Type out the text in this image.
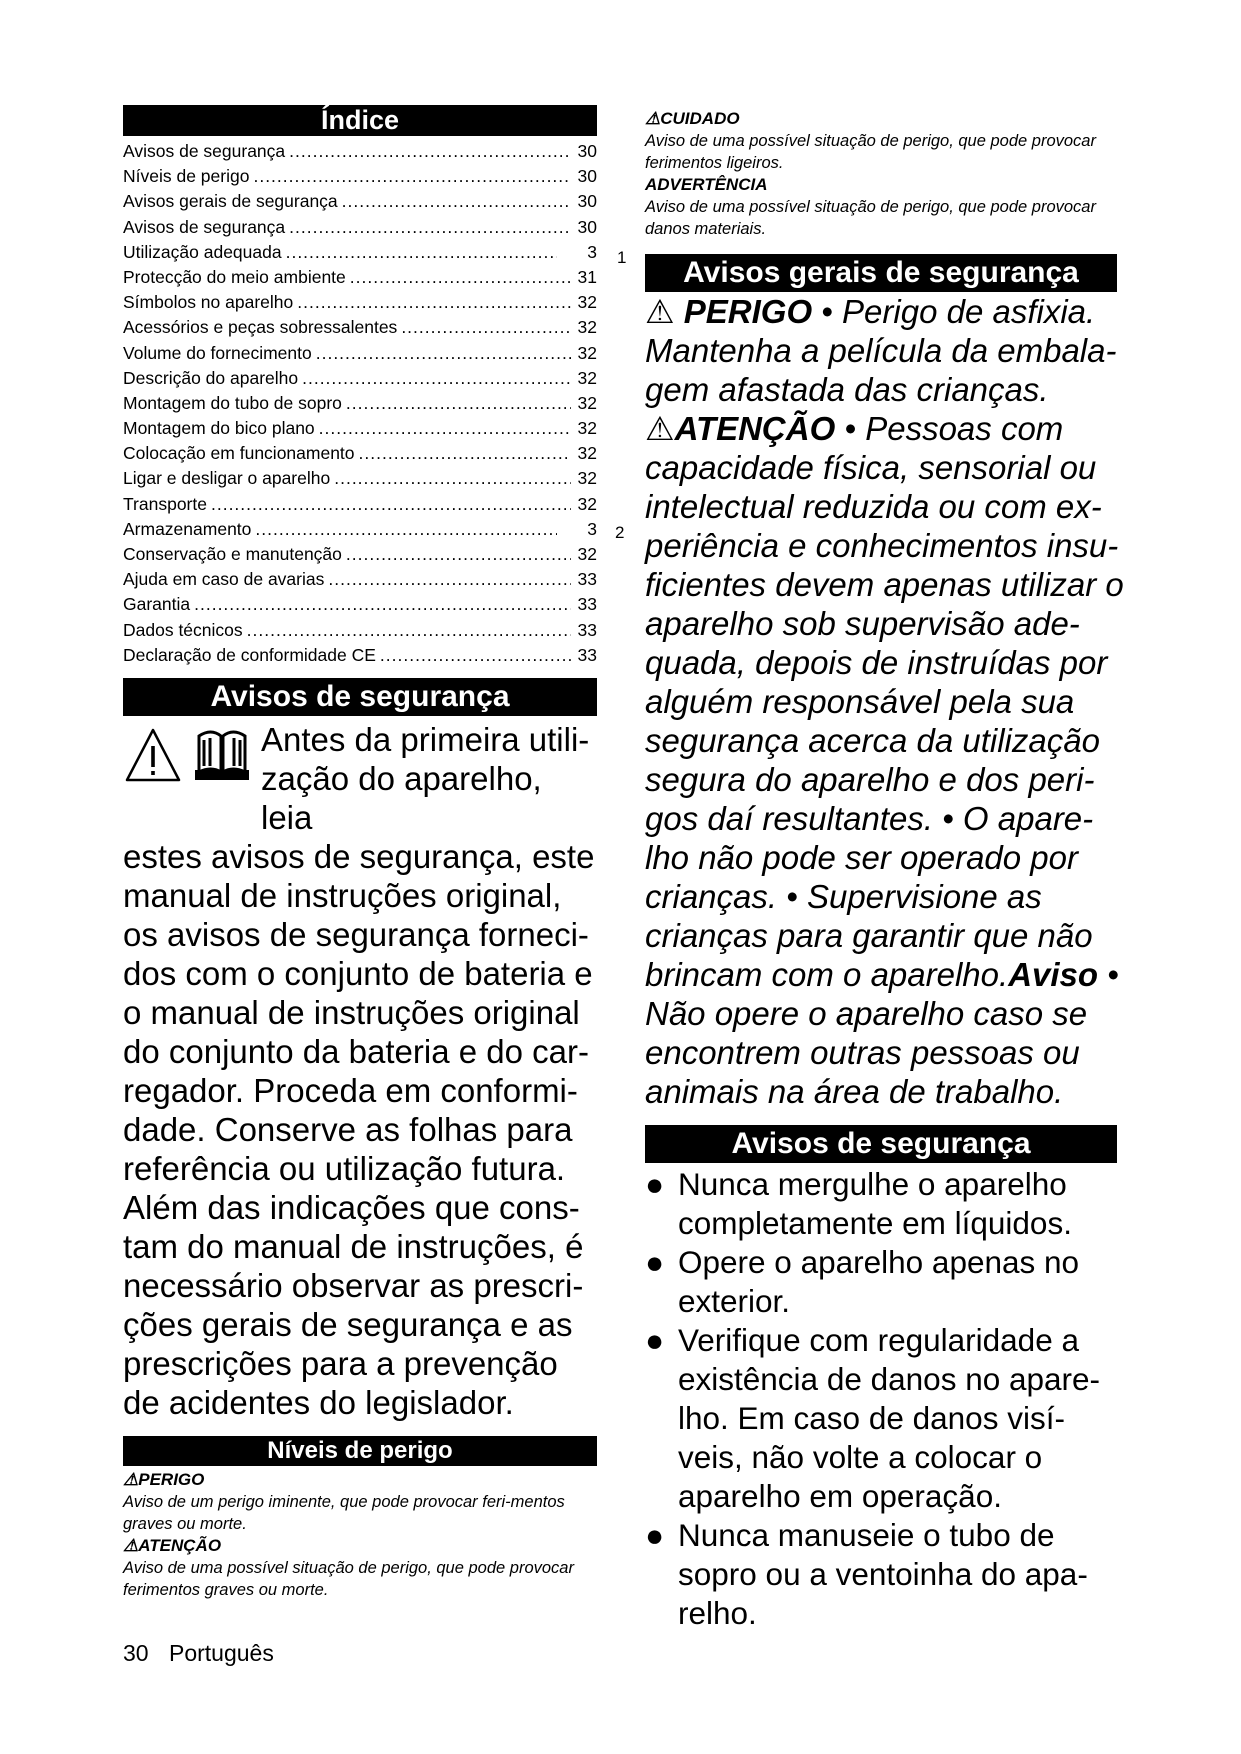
Índice
Avisos de segurança .....	30
Níveis de perigo .....	30
Avisos gerais de segurança .....	30
Avisos de segurança .....	30
Utilização adequada .....	3
Protecção do meio ambiente .....	31
Símbolos no aparelho .....	32
Acessórios e peças sobressalentes .....	32
Volume do fornecimento .....	32
Descrição do aparelho .....	32
Montagem do tubo de sopro .....	32
Montagem do bico plano .....	32
Colocação em funcionamento .....	32
Ligar e desligar o aparelho .....	32
Transporte .....	32
Armazenamento .....	3
Conservação e manutenção .....	32
Ajuda em caso de avarias .....	33
Garantia .....	33
Dados técnicos .....	33
Declaração de conformidade CE .....	33
Avisos de segurança
Antes da primeira utili-
zação do aparelho, leia
estes avisos de segurança, este manual de instruções original, os avisos de segurança forneci-dos com o conjunto de bateria e o manual de instruções original do conjunto da bateria e do car-regador. Proceda em conformi-dade. Conserve as folhas para referência ou utilização futura. Além das indicações que cons-tam do manual de instruções, é necessário observar as prescri-ções gerais de segurança e as prescrições para a prevenção de acidentes do legislador.
Níveis de perigo
⚠PERIGO
Aviso de um perigo iminente, que pode provocar feri-mentos graves ou morte.
⚠ATENÇÃO
Aviso de uma possível situação de perigo, que pode provocar ferimentos graves ou morte.
1
2
⚠CUIDADO
Aviso de uma possível situação de perigo, que pode provocar ferimentos ligeiros.
ADVERTÊNCIA
Aviso de uma possível situação de perigo, que pode provocar danos materiais.
Avisos gerais de segurança
⚠ PERIGO • Perigo de asfixia. Mantenha a película da embala-gem afastada das crianças.
⚠ATENÇÃO • Pessoas com capacidade física, sensorial ou intelectual reduzida ou com ex-periência e conhecimentos insu-ficientes devem apenas utilizar o aparelho sob supervisão ade-quada, depois de instruídas por alguém responsável pela sua segurança acerca da utilização segura do aparelho e dos peri-gos daí resultantes. • O apare-lho não pode ser operado por crianças. • Supervisione as crianças para garantir que não brincam com o aparelho.Aviso • Não opere o aparelho caso se encontrem outras pessoas ou animais na área de trabalho.
Avisos de segurança
● Nunca mergulhe o aparelho completamente em líquidos.
● Opere o aparelho apenas no exterior.
● Verifique com regularidade a existência de danos no apare-lho. Em caso de danos visí-veis, não volte a colocar o aparelho em operação.
● Nunca manuseie o tubo de sopro ou a ventoinha do apa-relho.
30 Português
